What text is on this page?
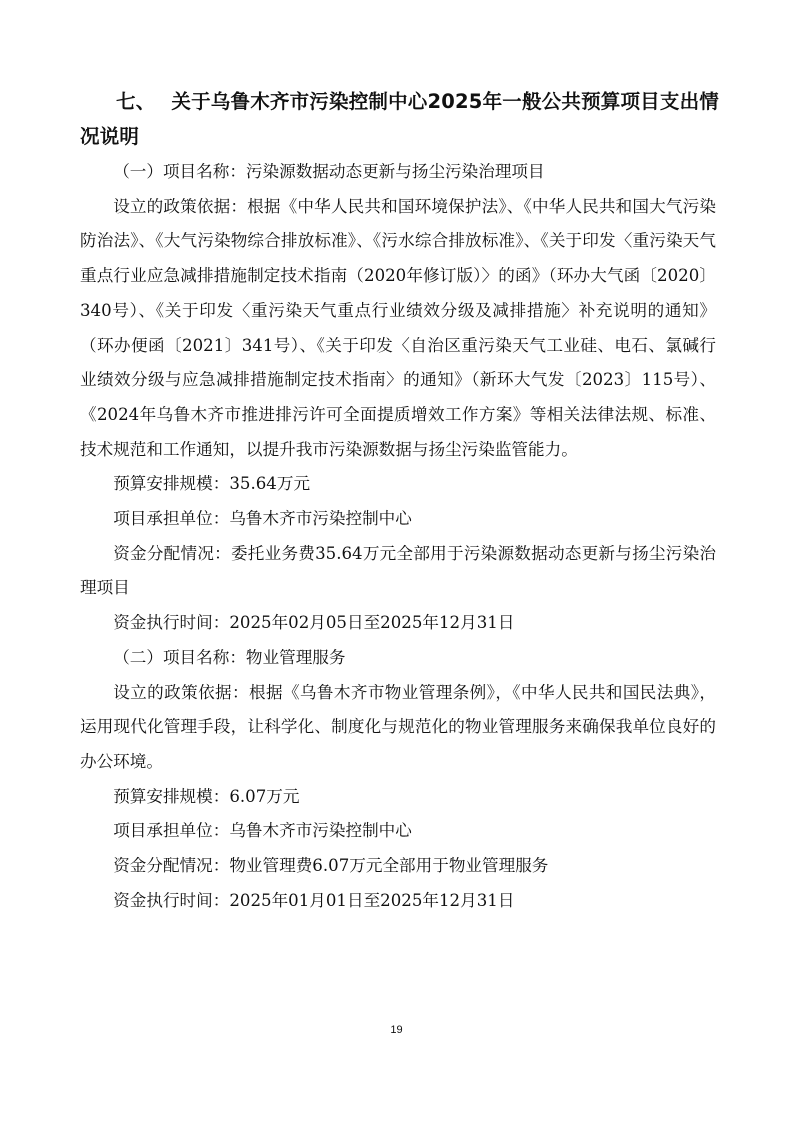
七、 关于乌鲁木齐市污染控制中心2025年一般公共预算项目支出情况说明

（一）项目名称：污染源数据动态更新与扬尘污染治理项目

设立的政策依据：根据《中华人民共和国环境保护法》、《中华人民共和国大气污染防治法》、《大气污染物综合排放标准》、《污水综合排放标准》、《关于印发〈重污染天气重点行业应急减排措施制定技术指南（2020年修订版）〉的函》（环办大气函〔2020〕340号）、《关于印发〈重污染天气重点行业绩效分级及减排措施〉补充说明的通知》（环办便函〔2021〕341号）、《关于印发〈自治区重污染天气工业硅、电石、氯碱行业绩效分级与应急减排措施制定技术指南〉的通知》（新环大气发〔2023〕115号）、《2024年乌鲁木齐市推进排污许可全面提质增效工作方案》等相关法律法规、标准、技术规范和工作通知，以提升我市污染源数据与扬尘污染监管能力。

预算安排规模：35.64万元

项目承担单位：乌鲁木齐市污染控制中心

资金分配情况：委托业务费35.64万元全部用于污染源数据动态更新与扬尘污染治理项目

资金执行时间：2025年02月05日至2025年12月31日

（二）项目名称：物业管理服务

设立的政策依据：根据《乌鲁木齐市物业管理条例》，《中华人民共和国民法典》，运用现代化管理手段，让科学化、制度化与规范化的物业管理服务来确保我单位良好的办公环境。

预算安排规模：6.07万元

项目承担单位：乌鲁木齐市污染控制中心

资金分配情况：物业管理费6.07万元全部用于物业管理服务

资金执行时间：2025年01月01日至2025年12月31日

19
